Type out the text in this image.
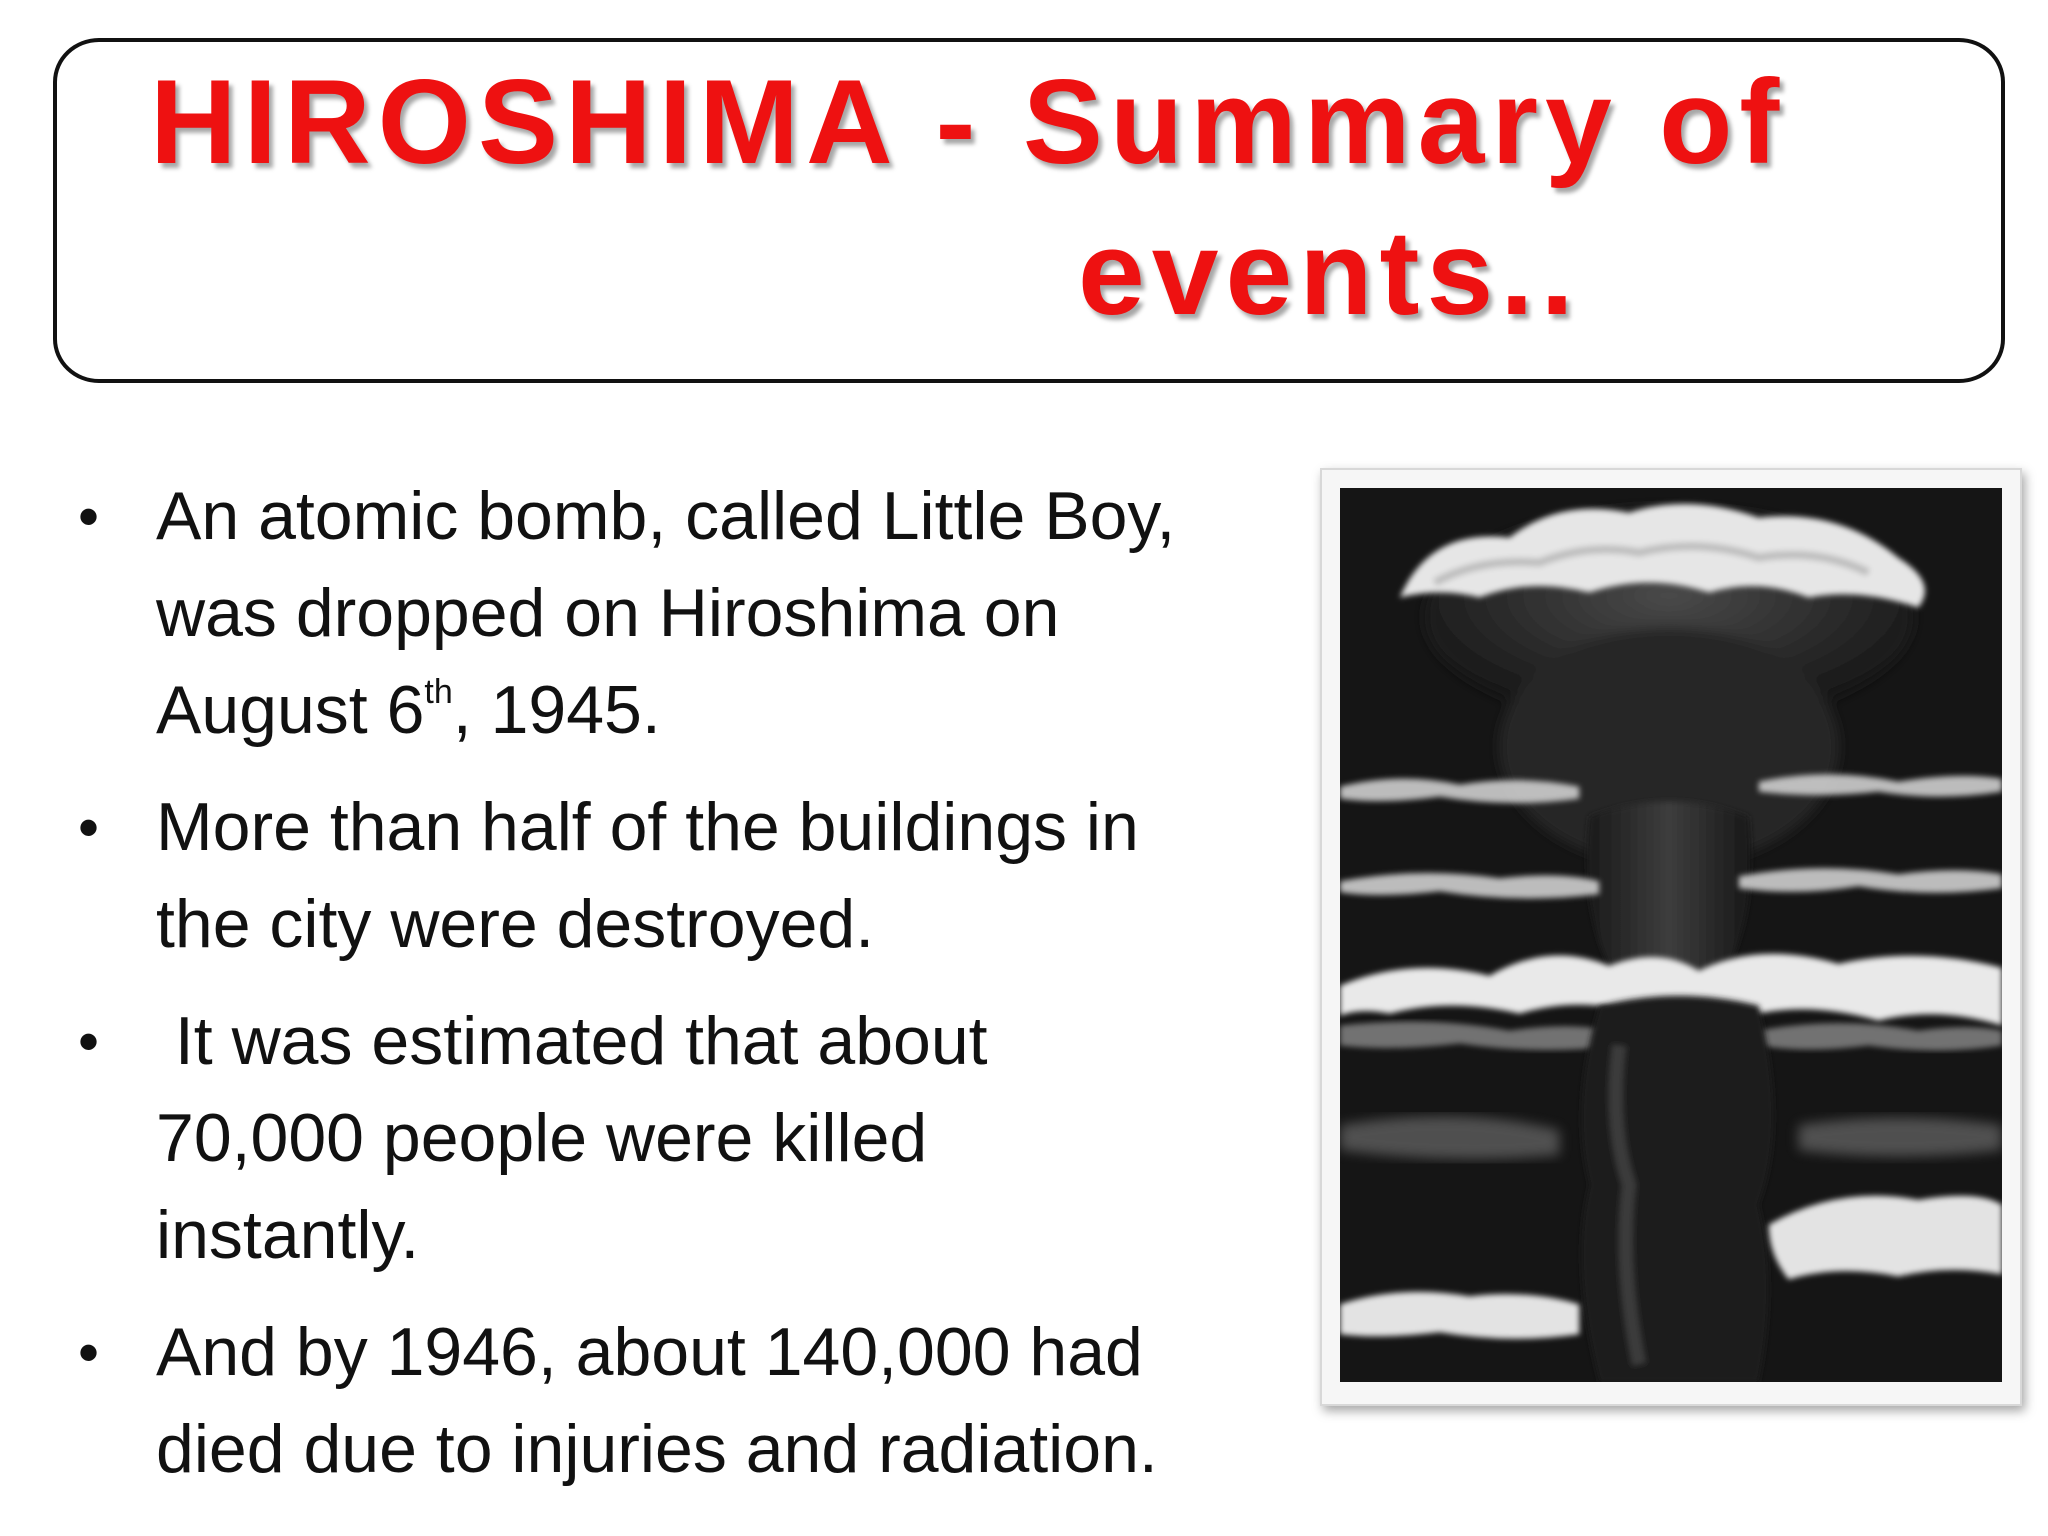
HIROSHIMA - Summary of
events..
• An atomic bomb, called Little Boy,
was dropped on Hiroshima on
August 6th, 1945.
• More than half of the buildings in
the city were destroyed.
• It was estimated that about
70,000 people were killed
instantly.
• And by 1946, about 140,000 had
died due to injuries and radiation.
